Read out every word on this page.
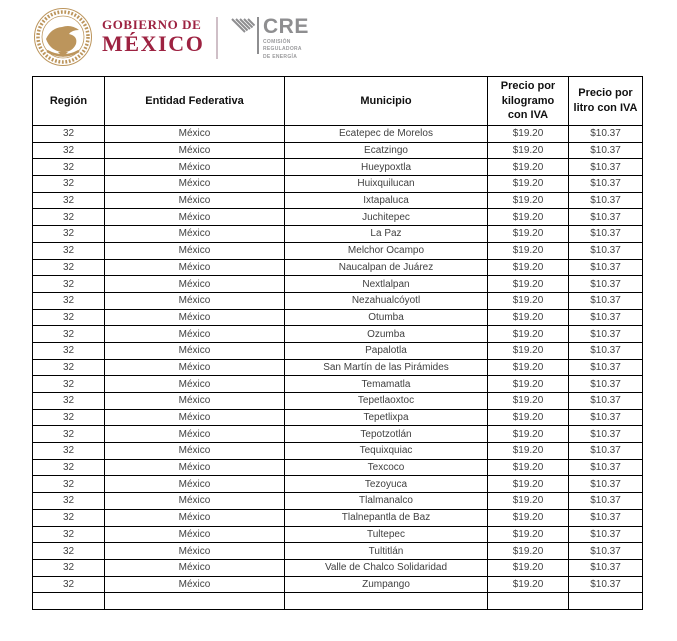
GOBIERNO DE
MÉXICO
CRE
COMISIÓN
REGULADORA
DE ENERGÍA
Región	Entidad Federativa	Municipio	Precio por kilogramo con IVA	Precio por litro con IVA
32	México	Ecatepec de Morelos	$19.20	$10.37
32	México	Ecatzingo	$19.20	$10.37
32	México	Hueypoxtla	$19.20	$10.37
32	México	Huixquilucan	$19.20	$10.37
32	México	Ixtapaluca	$19.20	$10.37
32	México	Juchitepec	$19.20	$10.37
32	México	La Paz	$19.20	$10.37
32	México	Melchor Ocampo	$19.20	$10.37
32	México	Naucalpan de Juárez	$19.20	$10.37
32	México	Nextlalpan	$19.20	$10.37
32	México	Nezahualcóyotl	$19.20	$10.37
32	México	Otumba	$19.20	$10.37
32	México	Ozumba	$19.20	$10.37
32	México	Papalotla	$19.20	$10.37
32	México	San Martín de las Pirámides	$19.20	$10.37
32	México	Temamatla	$19.20	$10.37
32	México	Tepetlaoxtoc	$19.20	$10.37
32	México	Tepetlixpa	$19.20	$10.37
32	México	Tepotzotlán	$19.20	$10.37
32	México	Tequixquiac	$19.20	$10.37
32	México	Texcoco	$19.20	$10.37
32	México	Tezoyuca	$19.20	$10.37
32	México	Tlalmanalco	$19.20	$10.37
32	México	Tlalnepantla de Baz	$19.20	$10.37
32	México	Tultepec	$19.20	$10.37
32	México	Tultitlán	$19.20	$10.37
32	México	Valle de Chalco Solidaridad	$19.20	$10.37
32	México	Zumpango	$19.20	$10.37
